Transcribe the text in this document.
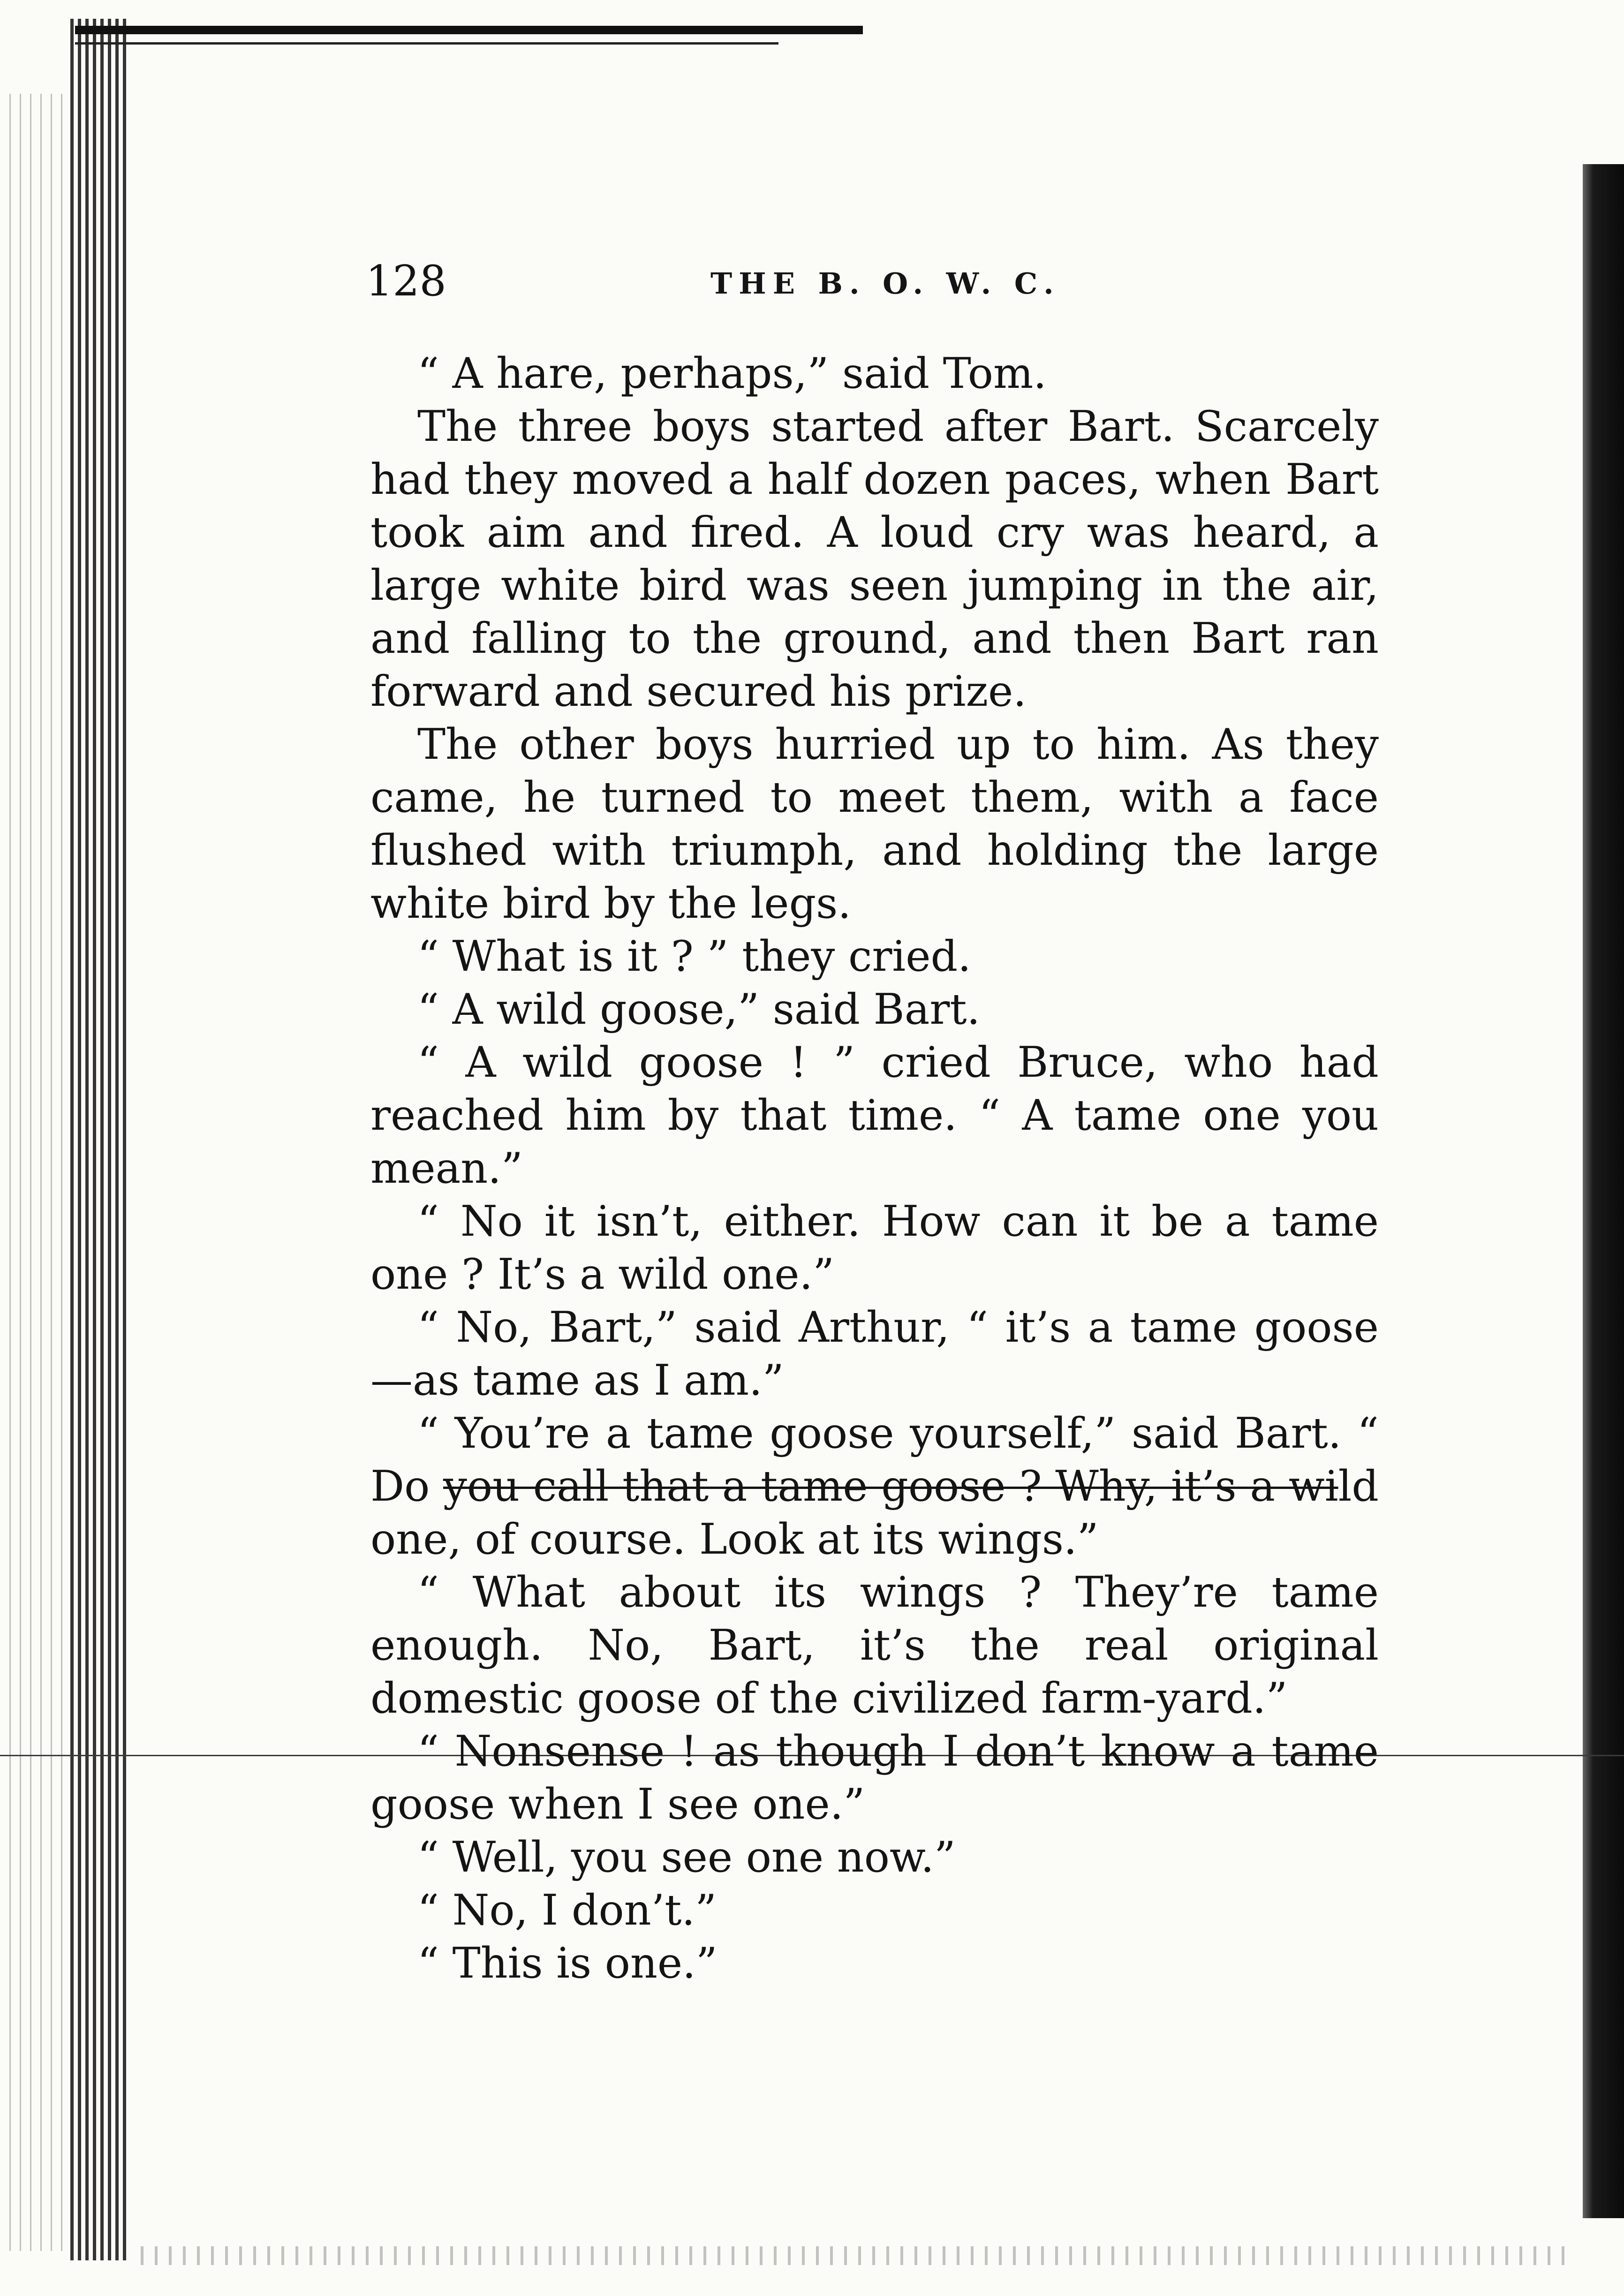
128	THE B. O. W. C.

“ A hare, perhaps,” said Tom.

The three boys started after Bart. Scarcely had they moved a half dozen paces, when Bart took aim and fired. A loud cry was heard, a large white bird was seen jumping in the air, and falling to the ground, and then Bart ran forward and secured his prize.

The other boys hurried up to him. As they came, he turned to meet them, with a face flushed with triumph, and holding the large white bird by the legs.

“ What is it ? ” they cried.

“ A wild goose,” said Bart.

“ A wild goose ! ” cried Bruce, who had reached him by that time. “ A tame one you mean.”

“ No it isn’t, either. How can it be a tame one ? It’s a wild one.”

“ No, Bart,” said Arthur, “ it’s a tame goose—as tame as I am.”

“ You’re a tame goose yourself,” said Bart. “ Do you call that a tame goose ? Why, it’s a wild one, of course. Look at its wings.”

“ What about its wings ? They’re tame enough. No, Bart, it’s the real original domestic goose of the civilized farm-yard.”

“ Nonsense ! as though I don’t know a tame goose when I see one.”

“ Well, you see one now.”

“ No, I don’t.”

“ This is one.”
